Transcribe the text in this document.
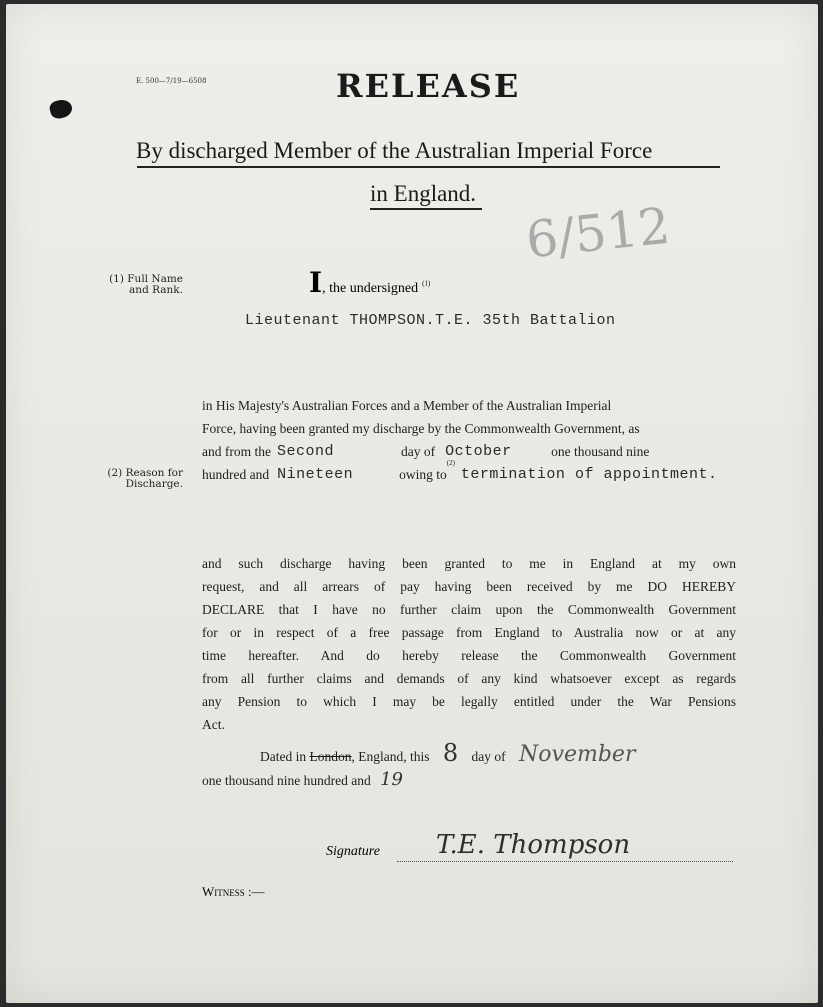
E. 500—7/19—6508	RELEASE
By discharged Member of the Australian Imperial Force
in England.
6/512
(1) Full Name
and Rank.	I, the undersigned $^{(1)}$
Lieutenant THOMPSON.T.E. 35th Battalion
in His Majesty's Australian Forces and a Member of the Australian Imperial
Force, having been granted my discharge by the Commonwealth Government, as
and from the Second	day of October	one thousand nine
hundred and Nineteen	owing to
(2)
termination of appointment.
(2) Reason for
Discharge.
and such discharge having been granted to me in England at my own
request, and all arrears of pay having been received by me DO HEREBY
DECLARE that I have no further claim upon the Commonwealth Government
for or in respect of a free passage from England to Australia now or at any
time hereafter. And do hereby release the Commonwealth Government
from all further claims and demands of any kind whatsoever except as regards
any Pension to which I may be legally entitled under the War Pensions
Act.
Dated in London, England, this 8 day of November
one thousand nine hundred and 19
Signature T.E. Thompson
Witness :—
